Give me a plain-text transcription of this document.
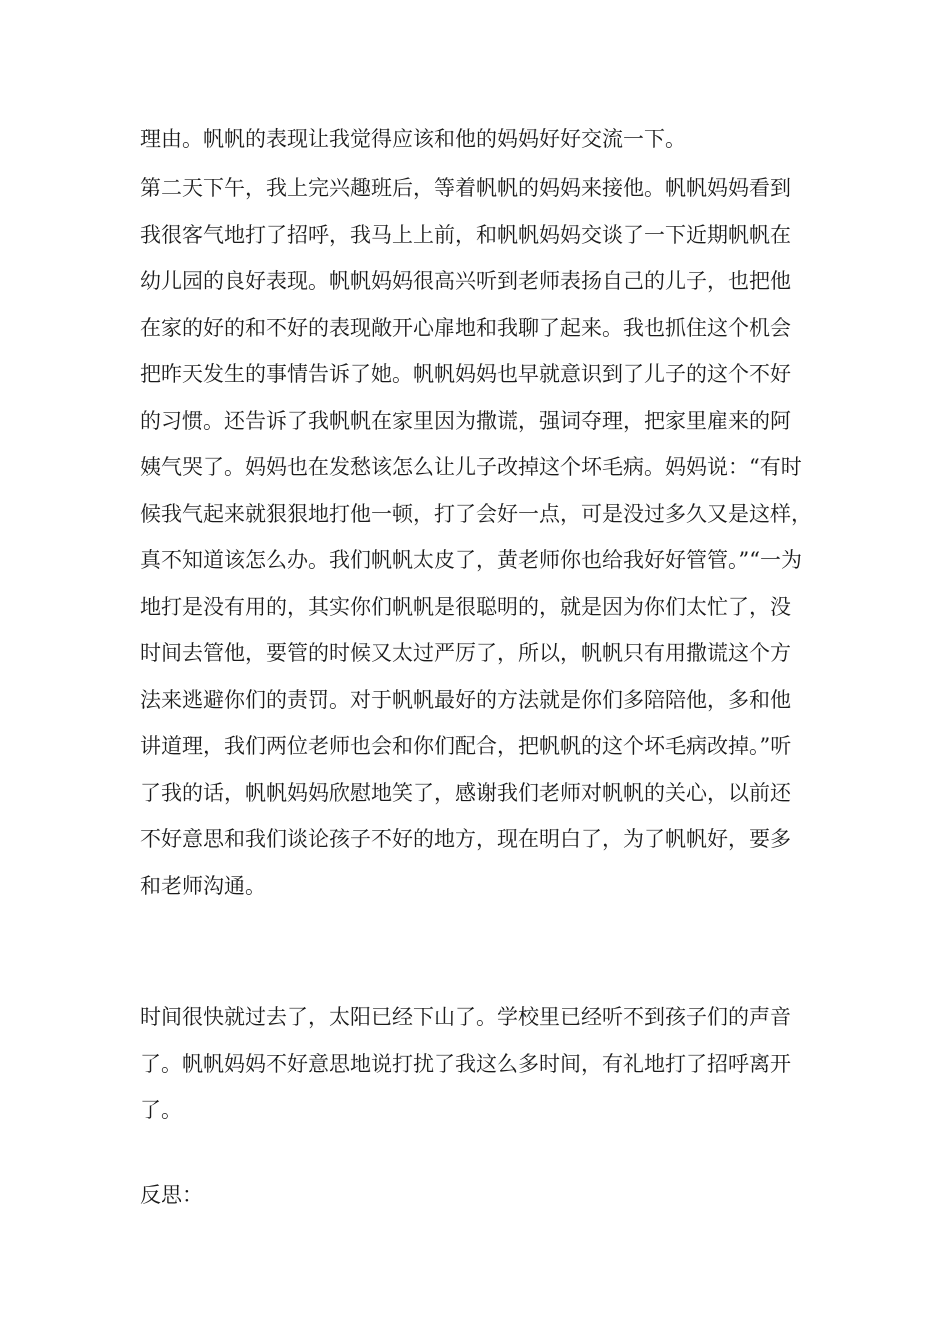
理由。帆帆的表现让我觉得应该和他的妈妈好好交流一下。
第二天下午，我上完兴趣班后，等着帆帆的妈妈来接他。帆帆妈妈看到
我很客气地打了招呼，我马上上前，和帆帆妈妈交谈了一下近期帆帆在
幼儿园的良好表现。帆帆妈妈很高兴听到老师表扬自己的儿子，也把他
在家的好的和不好的表现敞开心扉地和我聊了起来。我也抓住这个机会
把昨天发生的事情告诉了她。帆帆妈妈也早就意识到了儿子的这个不好
的习惯。还告诉了我帆帆在家里因为撒谎，强词夺理，把家里雇来的阿
姨气哭了。妈妈也在发愁该怎么让儿子改掉这个坏毛病。妈妈说：“有时
候我气起来就狠狠地打他一顿，打了会好一点，可是没过多久又是这样，
真不知道该怎么办。我们帆帆太皮了，黄老师你也给我好好管管。”“一为
地打是没有用的，其实你们帆帆是很聪明的，就是因为你们太忙了，没
时间去管他，要管的时候又太过严厉了，所以，帆帆只有用撒谎这个方
法来逃避你们的责罚。对于帆帆最好的方法就是你们多陪陪他，多和他
讲道理，我们两位老师也会和你们配合，把帆帆的这个坏毛病改掉。”听
了我的话，帆帆妈妈欣慰地笑了，感谢我们老师对帆帆的关心，以前还
不好意思和我们谈论孩子不好的地方，现在明白了，为了帆帆好，要多
和老师沟通。
时间很快就过去了，太阳已经下山了。学校里已经听不到孩子们的声音
了。帆帆妈妈不好意思地说打扰了我这么多时间，有礼地打了招呼离开
了。
反思：
